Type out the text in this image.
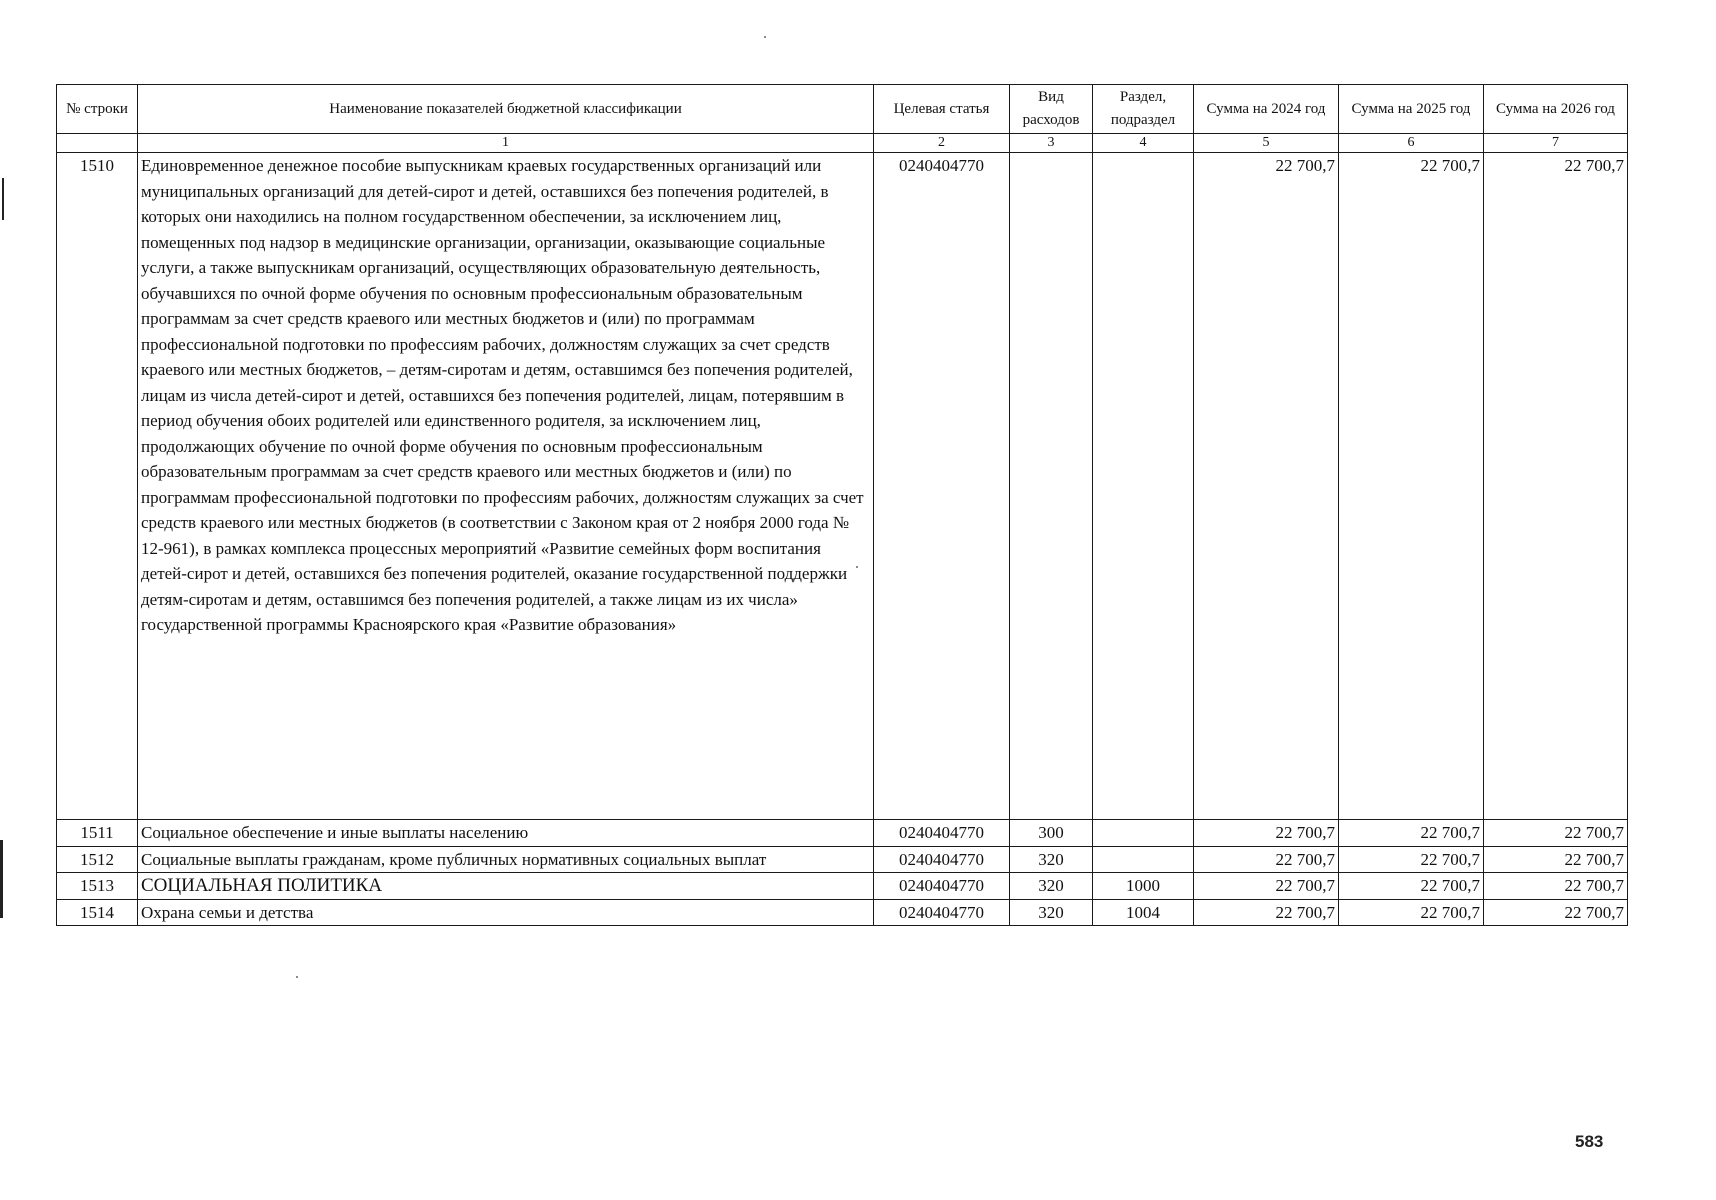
№ строки	Наименование показателей бюджетной классификации	Целевая статья	Вид расходов	Раздел, подраздел	Сумма на 2024 год	Сумма на 2025 год	Сумма на 2026 год
	1	2	3	4	5	6	7
1510	Единовременное денежное пособие выпускникам краевых государственных организаций или муниципальных организаций для детей-сирот и детей, оставшихся без попечения родителей, в которых они находились на полном государственном обеспечении, за исключением лиц, помещенных под надзор в медицинские организации, организации, оказывающие социальные услуги, а также выпускникам организаций, осуществляющих образовательную деятельность, обучавшихся по очной форме обучения по основным профессиональным образовательным программам за счет средств краевого или местных бюджетов и (или) по программам профессиональной подготовки по профессиям рабочих, должностям служащих за счет средств краевого или местных бюджетов, – детям-сиротам и детям, оставшимся без попечения родителей, лицам из числа детей-сирот и детей, оставшихся без попечения родителей, лицам, потерявшим в период обучения обоих родителей или единственного родителя, за исключением лиц, продолжающих обучение по очной форме обучения по основным профессиональным образовательным программам за счет средств краевого или местных бюджетов и (или) по программам профессиональной подготовки по профессиям рабочих, должностям служащих за счет средств краевого или местных бюджетов (в соответствии с Законом края от 2 ноября 2000 года № 12-961), в рамках комплекса процессных мероприятий «Развитие семейных форм воспитания детей-сирот и детей, оставшихся без попечения родителей, оказание государственной поддержки детям-сиротам и детям, оставшимся без попечения родителей, а также лицам из их числа» государственной программы Красноярского края «Развитие образования»	0240404770			22 700,7	22 700,7	22 700,7
1511	Социальное обеспечение и иные выплаты населению	0240404770	300		22 700,7	22 700,7	22 700,7
1512	Социальные выплаты гражданам, кроме публичных нормативных социальных выплат	0240404770	320		22 700,7	22 700,7	22 700,7
1513	СОЦИАЛЬНАЯ ПОЛИТИКА	0240404770	320	1000	22 700,7	22 700,7	22 700,7
1514	Охрана семьи и детства	0240404770	320	1004	22 700,7	22 700,7	22 700,7
583
